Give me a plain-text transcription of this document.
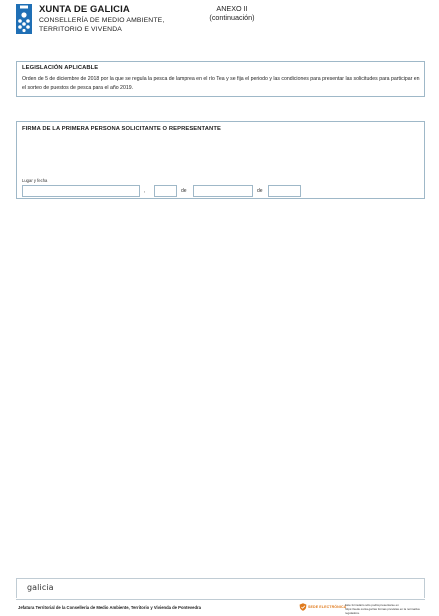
XUNTA DE GALICIA
CONSELLERÍA DE MEDIO AMBIENTE,
TERRITORIO E VIVENDA
ANEXO II
(continuación)
LEGISLACIÓN APLICABLE
Orden de 5 de diciembre de 2018 por la que se regula la pesca de lamprea en el río Tea y se fija el periodo y las condiciones para presentar las solicitudes para participar en el sorteo de puestos de pesca para el año 2019.
FIRMA DE LA PRIMERA PERSONA SOLICITANTE O REPRESENTANTE
Lugar y fecha
,	de	de
galicia
Jefatura Territorial de la Consellería de Medio Ambiente, Territorio y Vivienda de Pontevedra	SEDE ELECTRÓNICA
Este formulario sólo podrá presentarse en
https://sede.xunta.gal las formas previstas en la normativa reguladora.
